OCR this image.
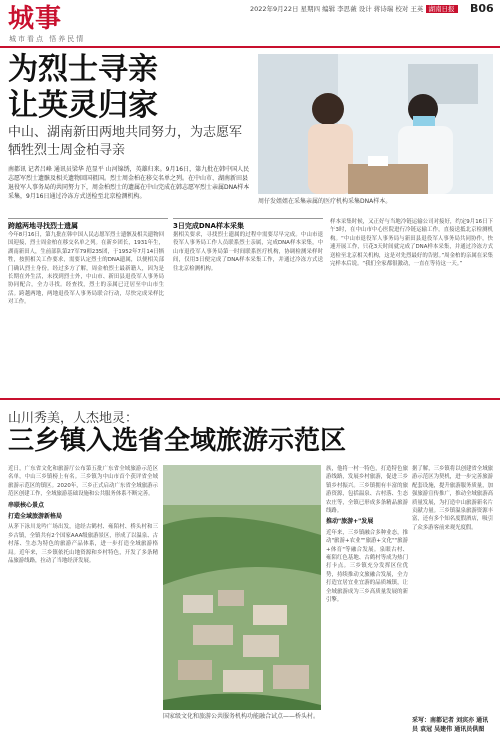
城事
城市看点 悟养民情
2022年9月22日 星期四 编辑 李思薇 设计 蒋诗瑞 校对 王英 湖南日报 B06
为烈士寻亲
让英灵归家
中山、湖南新田两地共同努力，为志愿军牺牲烈士周金柏寻亲
南都讯 记者吕峰 通讯员梁华 范显平 山河锦绣，英雄归来。9月16日，第九批在韩中国人民志愿军烈士遗骸及相关遗物回国祖国。烈士周金柏在移交名单之列。在中山市、湖南新田县退役军人事务局的共同努力下，周金柏烈士的遗属在中山完成在韩志愿军烈士亲属DNA样本采集，9月16日通过冷冻方式送检至北京检测机构。
周仔发姐姐在采集亲属的医疗机构采集DNA样本。
跨越两地寻找烈士遗属
今年8月16日，第九批在韩中国人民志愿军烈士遗骸及相关遗物回国迎接，烈士周金柏在移交名单之列。在新乡团长，1931年生，湖南新田人，生前部队第27军79师235团，于1952年7月14日牺牲，按照相关工作要求，需要认定烈士的DNA遗属，以便相关部门确认烈士身份。经过多方了解，周金柏烈士最新籍人，因为是长期在外生活，未找到烈士外，中山市、新田县退役军人事务局协同配合，全力寻找。经查找，烈士的亲属已迁居至中山市生活。跨越两地，两地退役军人事务局联合行动，尽快完成采样比对工作。
3日完成DNA样本采集
据相关要求，寻找烈士遗属的过程中需要尽早完成。中山市退役军人事务局工作人员联系烈士亲属，完成DNA样本采集，中山市退役军人事务局第一时间联系医疗机构，协调检测采样时间，仅用3日便完成了DNA样本采集工作，并通过冷冻方式送往北京检测机构。
样本采集时候，又正好与当地冷链运输公司对接好，约定9月16日下午3时，在中山市中心医院进行冷链运输工作，直接送抵北京检测机构。“中山市退役军人事务局与新田县退役军人事务局共同协作，快速开展工作，只花3天时间就完成了DNA样本采集，并通过冷冻方式送检至北京相关机构，这是对先烈最好的告慰。”周金柏的亲属在采集完样本后说。“我们全家都很激动，一直在等待这一天。”
山川秀美，人杰地灵：
三乡镇入选省全域旅游示范区
近日，广东省文化和旅游厅公布第五批广东省全域旅游示范区名单，中山三乡镇榜上有名。三乡镇为中山市首个获评省全域旅游示范区的镇区。2020年，三乡正式启动广东省全域旅游示范区创建工作，全域旅游基础设施和公共服务体系不断完善。
串联核心景点
打造全域旅游新格局
从茅下泳川龙吟广场出发，途经古鹤村、雍陌村、桥头村和三乡古镇，全镇共有2个国家AAA级旅游景区，形成了以温泉、古村落、生态为特色的旅游产品体系，进一步打造全域旅游格局。近年来，三乡镇依托山地资源和乡村特色，开发了多条精品旅游线路，拉动了当地经济发展。
国家级文化和旅游公共服务机构功能融合试点——桥头村。
族，他将一村一特色，打造特色旅游线路，发展乡村旅游，促进三乡镇乡村振兴。三乡镇拥有丰富的旅游资源，包括温泉、古村落、生态农庄等，全镇已形成多条精品旅游线路。
推动"旅游+"发展
近年来，三乡镇融合多种业态，推动"旅游+农业""旅游+文化""旅游+体育"等融合发展。泉眼古村、雍陌红色基地、古鹤村等成为热门打卡点。三乡镇充分发挥区位优势，持续推动文旅融合发展，全力打造宜居宜业宜游的品质城镇，让全域旅游成为三乡高质量发展的新引擎。
据了解，三乡镇将以创建省全域旅游示范区为契机，进一步完善旅游配套设施，提升旅游服务质量，加强旅游宣传推广，推动全域旅游高质量发展，为打造中山旅游新名片贡献力量。三乡镇温泉旅游资源丰富，还有多个知名度假酒店，吸引了众多游客前来观光度假。
采写：南都记者 刘宾亦 通讯员 袁冠 吴建伟 通讯员供图
